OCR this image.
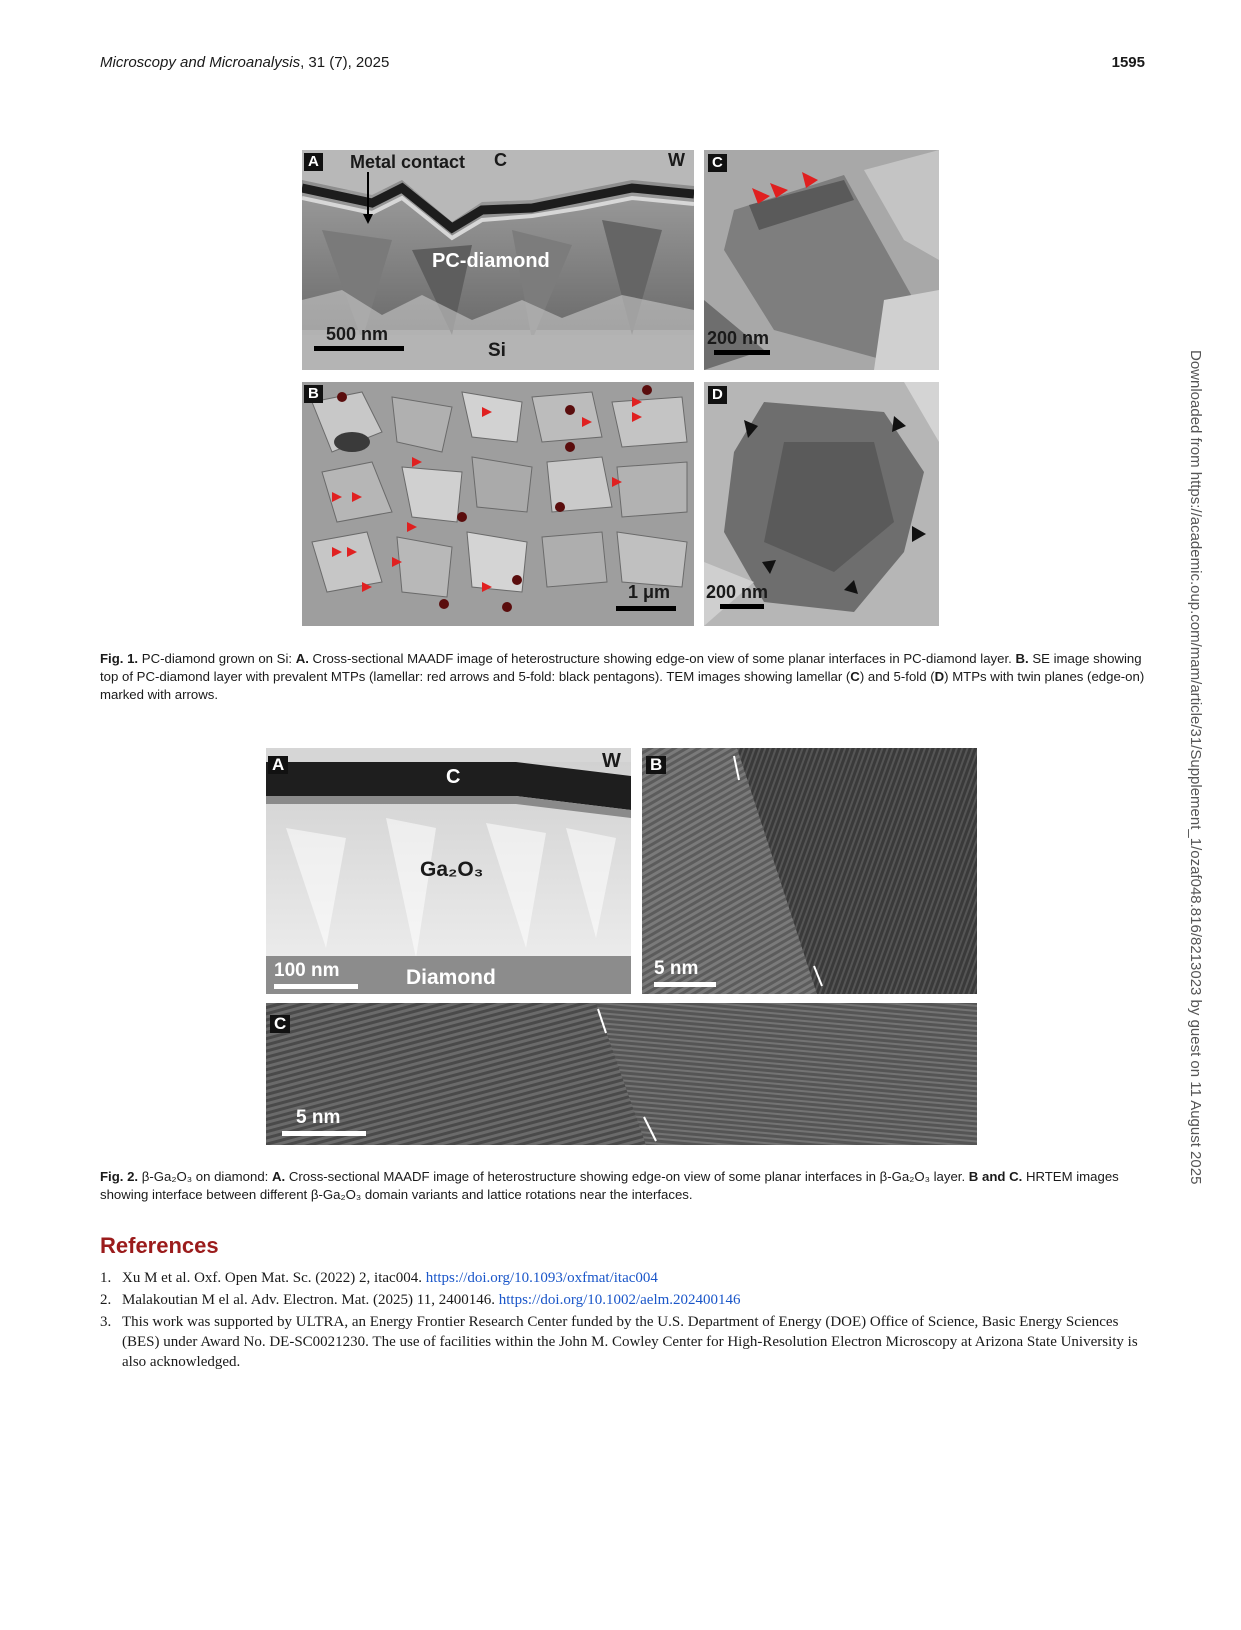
Microscopy and Microanalysis, 31 (7), 2025	1595
A Metal contact C	W
PC-diamond
Si
500 nm
C
200 nm
B
1 μm
D
200 nm
Fig. 1. PC-diamond grown on Si: A. Cross-sectional MAADF image of heterostructure showing edge-on view of some planar interfaces in PC-diamond layer. B. SE image showing top of PC-diamond layer with prevalent MTPs (lamellar: red arrows and 5-fold: black pentagons). TEM images showing lamellar (C) and 5-fold (D) MTPs with twin planes (edge-on) marked with arrows.
A
C
W
Ga₂O₃
Diamond
100 nm
B
5 nm
C
5 nm
Fig. 2. β-Ga₂O₃ on diamond: A. Cross-sectional MAADF image of heterostructure showing edge-on view of some planar interfaces in β-Ga₂O₃ layer. B and C. HRTEM images showing interface between different β-Ga₂O₃ domain variants and lattice rotations near the interfaces.
References
1. Xu M et al. Oxf. Open Mat. Sc. (2022) 2, itac004. https://doi.org/10.1093/oxfmat/itac004
2. Malakoutian M el al. Adv. Electron. Mat. (2025) 11, 2400146. https://doi.org/10.1002/aelm.202400146
3. This work was supported by ULTRA, an Energy Frontier Research Center funded by the U.S. Department of Energy (DOE) Office of Science, Basic Energy Sciences (BES) under Award No. DE-SC0021230. The use of facilities within the John M. Cowley Center for High-Resolution Electron Microscopy at Arizona State University is also acknowledged.
Downloaded from https://academic.oup.com/mam/article/31/Supplement_1/ozaf048.816/8213023 by guest on 11 August 2025
